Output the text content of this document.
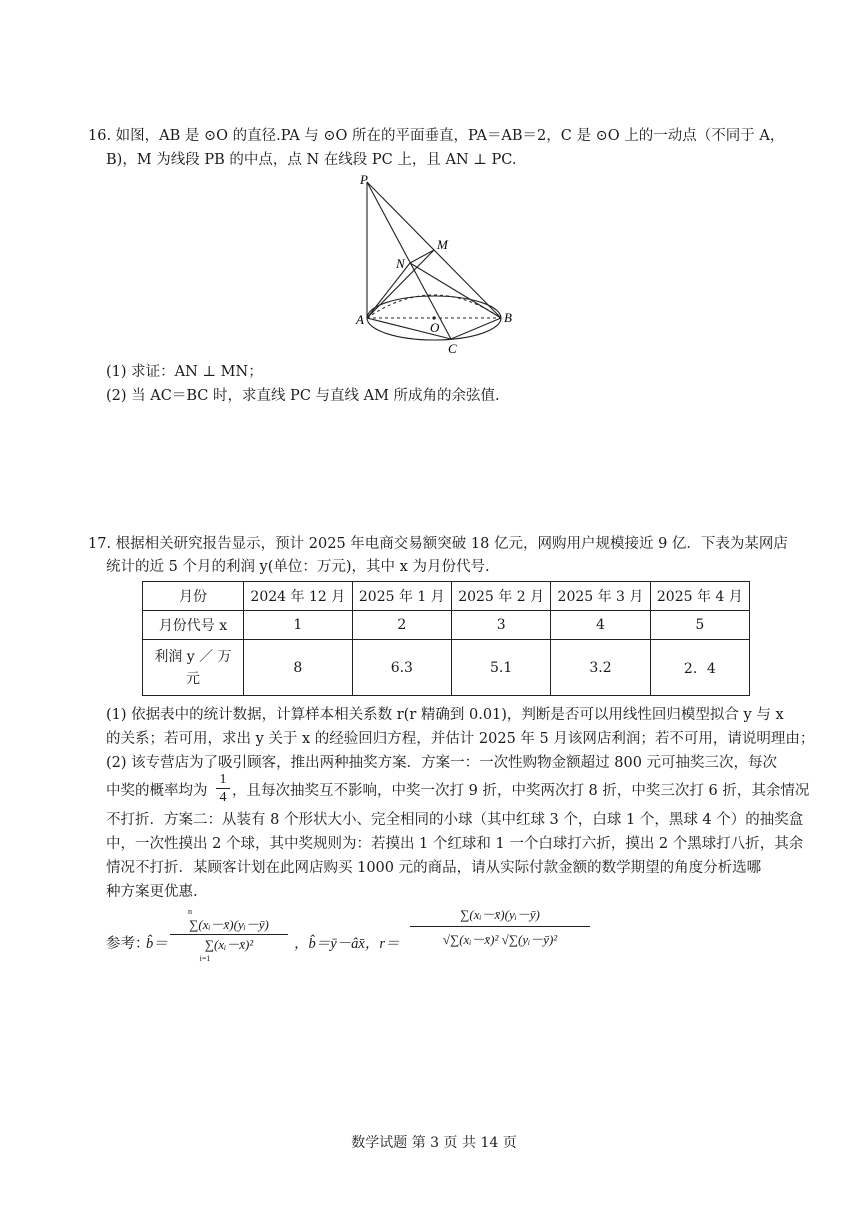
16. 如图，AB 是 ⊙O 的直径.PA 与 ⊙O 所在的平面垂直，PA＝AB＝2，C 是 ⊙O 上的一动点（不同于 A，
B)，M 为线段 PB 的中点，点 N 在线段 PC 上，且 AN ⊥ PC.
P
M
N
A	B
O
C
(1) 求证：AN ⊥ MN；
(2) 当 AC＝BC 时，求直线 PC 与直线 AM 所成角的余弦值.
17. 根据相关研究报告显示，预计 2025 年电商交易额突破 18 亿元，网购用户规模接近 9 亿．下表为某网店
统计的近 5 个月的利润 y(单位：万元)，其中 x 为月份代号.
月份	2024 年 12 月	2025 年 1 月	2025 年 2 月	2025 年 3 月	2025 年 4 月
月份代号 x	1	2	3	4	5

利润 y ／ 万
元	8	6.3	5.1	3.2	2．4
(1) 依据表中的统计数据，计算样本相关系数 r(r 精确到 0.01)，判断是否可以用线性回归模型拟合 y 与 x
的关系；若可用，求出 y 关于 x 的经验回归方程，并估计 2025 年 5 月该网店利润；若不可用，请说明理由；
(2) 该专营店为了吸引顾客，推出两种抽奖方案．方案一：一次性购物金额超过 800 元可抽奖三次，每次
中奖的概率均为 $\frac{1}{4}$ ，且每次抽奖互不影响，中奖一次打 9 折，中奖两次打 8 折，中奖三次打 6 折，其余情况
不打折．方案二：从装有 8 个形状大小、完全相同的小球（其中红球 3 个，白球 1 个，黑球 4 个）的抽奖盒
中，一次性摸出 2 个球，其中奖规则为：若摸出 1 个红球和 1 一个白球打六折，摸出 2 个黑球打八折，其余
情况不打折．某顾客计划在此网店购买 1000 元的商品，请从实际付款金额的数学期望的角度分析选哪
种方案更优惠.
参考：
b̂＝
n
∑(xᵢ－x̄)(yᵢ－ȳ)
∑(xᵢ－x̄)²
i=1
，b̂＝ȳ－âx̄，$r= \frac{\text{∑(xᵢ－x̄)(yᵢ－ȳ)}}{\text{√∑(xᵢ－x̄)² √∑(yᵢ－ȳ)²}}$
数学试题 第 3 页 共 14 页
